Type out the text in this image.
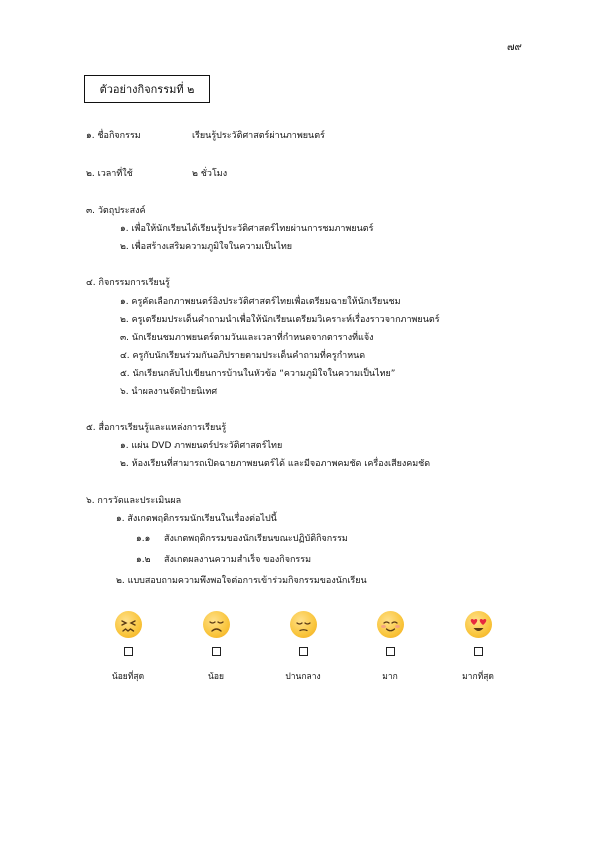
๗๙
ตัวอย่างกิจกรรมที่ ๒
๑. ชื่อกิจกรรม	เรียนรู้ประวัติศาสตร์ผ่านภาพยนตร์
๒. เวลาที่ใช้	๒ ชั่วโมง
๓. วัตถุประสงค์
๑. เพื่อให้นักเรียนได้เรียนรู้ประวัติศาสตร์ไทยผ่านการชมภาพยนตร์
๒. เพื่อสร้างเสริมความภูมิใจในความเป็นไทย
๔. กิจกรรมการเรียนรู้
๑. ครูคัดเลือกภาพยนตร์อิงประวัติศาสตร์ไทยเพื่อเตรียมฉายให้นักเรียนชม
๒. ครูเตรียมประเด็นคำถามนำเพื่อให้นักเรียนเตรียมวิเคราะห์เรื่องราวจากภาพยนตร์
๓. นักเรียนชมภาพยนตร์ตามวันและเวลาที่กำหนดจากตารางที่แจ้ง
๔. ครูกับนักเรียนร่วมกันอภิปรายตามประเด็นคำถามที่ครูกำหนด
๕. นักเรียนกลับไปเขียนการบ้านในหัวข้อ “ความภูมิใจในความเป็นไทย”
๖. นำผลงานจัดป้ายนิเทศ
๕. สื่อการเรียนรู้และแหล่งการเรียนรู้
๑. แผ่น DVD ภาพยนตร์ประวัติศาสตร์ไทย
๒. ห้องเรียนที่สามารถเปิดฉายภาพยนตร์ได้ และมีจอภาพคมชัด เครื่องเสียงคมชัด
๖. การวัดและประเมินผล
๑. สังเกตพฤติกรรมนักเรียนในเรื่องต่อไปนี้
๑.๑ สังเกตพฤติกรรมของนักเรียนขณะปฏิบัติกิจกรรม
๑.๒ สังเกตผลงานความสำเร็จ ของกิจกรรม
๒. แบบสอบถามความพึงพอใจต่อการเข้าร่วมกิจกรรมของนักเรียน
น้อยที่สุด	น้อย	ปานกลาง	มาก	มากที่สุด
